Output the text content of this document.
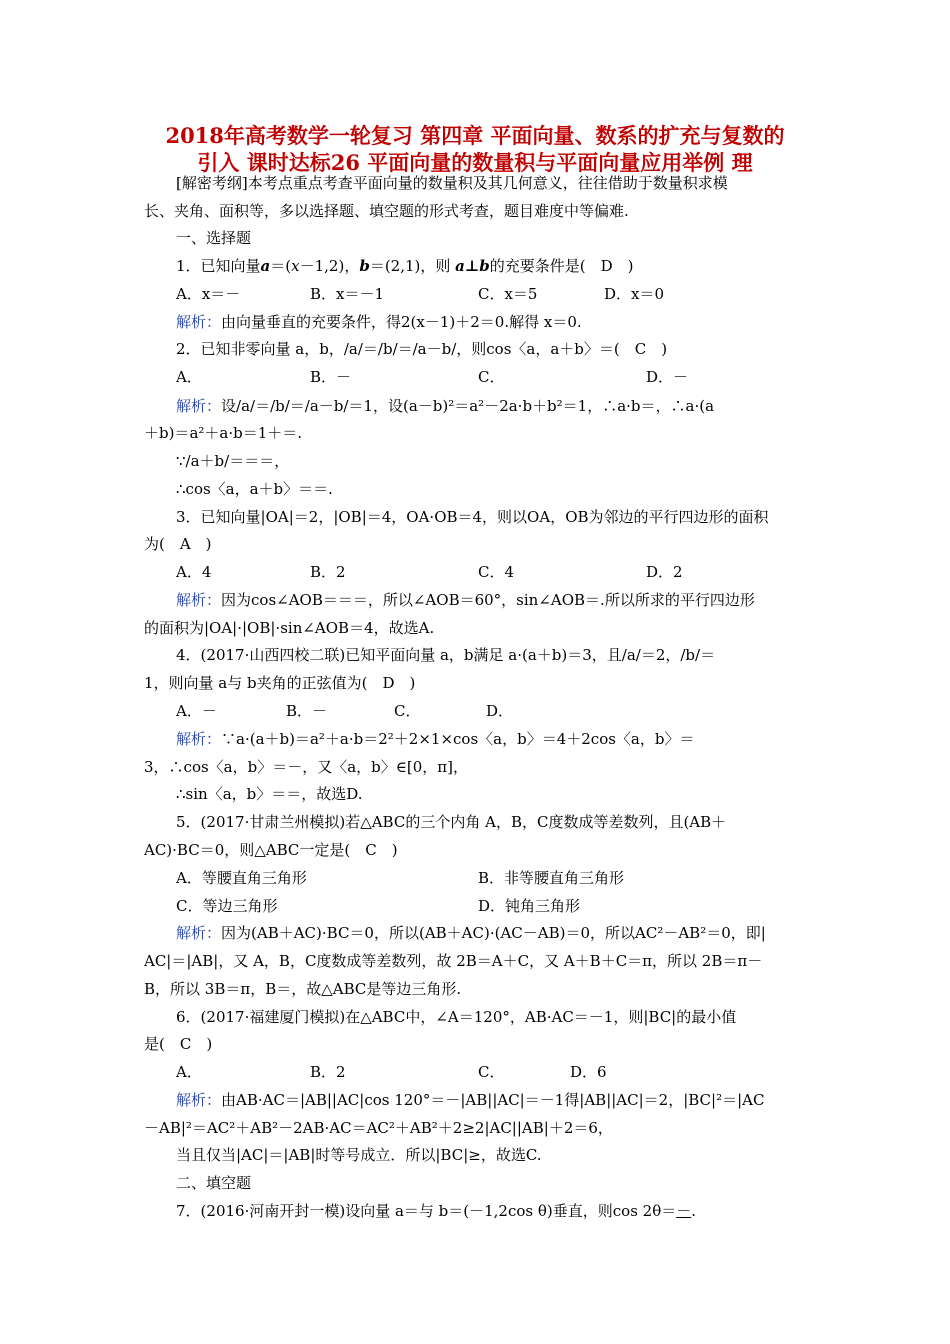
2018年高考数学一轮复习 第四章 平面向量、数系的扩充与复数的
引入 课时达标26 平面向量的数量积与平面向量应用举例 理
[解密考纲]本考点重点考查平面向量的数量积及其几何意义，往往借助于数量积求模
长、夹角、面积等，多以选择题、填空题的形式考查，题目难度中等偏难.
一、选择题
1．已知向量a＝(x－1,2)，b＝(2,1)，则 a⊥b的充要条件是(　D　)
A．x＝－	B．x＝－1	C．x＝5	D．x＝0
解析：由向量垂直的充要条件，得2(x－1)＋2＝0.解得 x＝0.
2．已知非零向量 a，b，/a/＝/b/＝/a－b/，则cos〈a，a＋b〉＝(　C　)
A．	B．－	C．	D．－
解析：设/a/＝/b/＝/a－b/＝1，设(a－b)²＝a²－2a·b＋b²＝1，∴a·b＝，∴a·(a
＋b)＝a²＋a·b＝1＋＝.
∵/a＋b/＝＝＝，
∴cos〈a，a＋b〉＝＝.
3．已知向量|OA|＝2，|OB|＝4，OA·OB＝4，则以OA，OB为邻边的平行四边形的面积
为(　A　)
A．4	B．2	C．4	D．2
解析：因为cos∠AOB＝＝＝，所以∠AOB＝60°，sin∠AOB＝.所以所求的平行四边形
的面积为|OA|·|OB|·sin∠AOB＝4，故选A.
4．(2017·山西四校二联)已知平面向量 a，b满足 a·(a＋b)＝3，且/a/＝2，/b/＝
1，则向量 a与 b夹角的正弦值为(　D　)
A．－	B．－	C．	D．
解析：∵a·(a＋b)＝a²＋a·b＝2²＋2×1×cos〈a，b〉＝4＋2cos〈a，b〉＝
3，∴cos〈a，b〉＝－，又〈a，b〉∈[0，π]，
∴sin〈a，b〉＝＝，故选D.
5．(2017·甘肃兰州模拟)若△ABC的三个内角 A，B，C度数成等差数列，且(AB＋
AC)·BC＝0，则△ABC一定是(　C　)
A．等腰直角三角形	B．非等腰直角三角形
C．等边三角形	D．钝角三角形
解析：因为(AB＋AC)·BC＝0，所以(AB＋AC)·(AC－AB)＝0，所以AC²－AB²＝0，即|
AC|＝|AB|，又 A，B，C度数成等差数列，故 2B＝A＋C，又 A＋B＋C＝π，所以 2B＝π－
B，所以 3B＝π，B＝，故△ABC是等边三角形.
6．(2017·福建厦门模拟)在△ABC中，∠A＝120°，AB·AC＝－1，则|BC|的最小值
是(　C　)
A．	B．2	C．	D．6
解析：由AB·AC＝|AB||AC|cos 120°＝－|AB||AC|＝－1得|AB||AC|＝2，|BC|²＝|AC
－AB|²＝AC²＋AB²－2AB·AC＝AC²＋AB²＋2≥2|AC||AB|＋2＝6，
当且仅当|AC|＝|AB|时等号成立．所以|BC|≥，故选C.
二、填空题
7．(2016·河南开封一模)设向量 a＝与 b＝(－1,2cos θ)垂直，则cos 2θ＝－.
